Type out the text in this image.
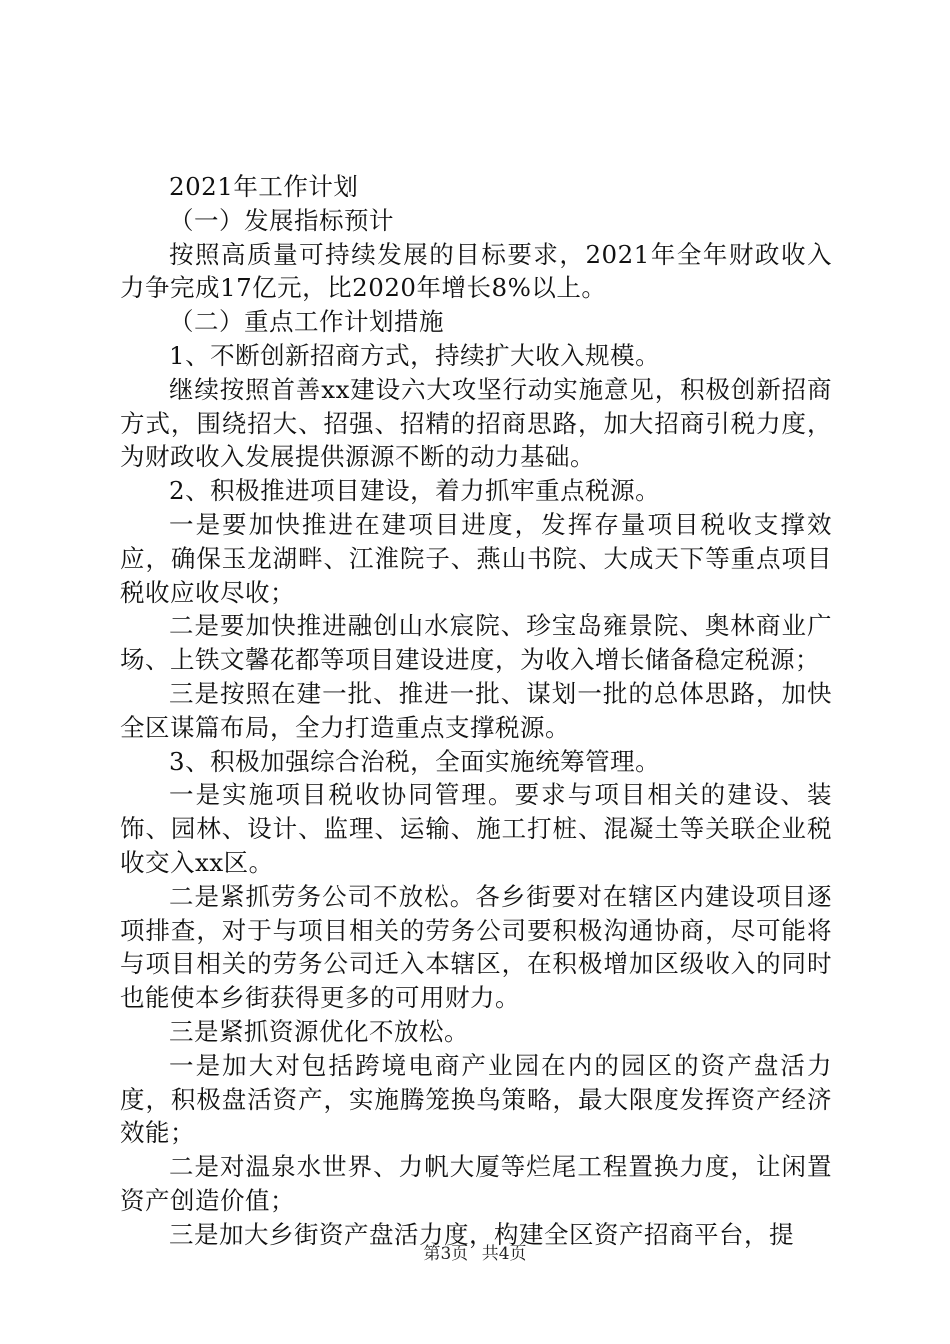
2021年工作计划

（一）发展指标预计

按照高质量可持续发展的目标要求，2021年全年财政收入力争完成17亿元，比2020年增长8%以上。

（二）重点工作计划措施

1、不断创新招商方式，持续扩大收入规模。

继续按照首善xx建设六大攻坚行动实施意见，积极创新招商方式，围绕招大、招强、招精的招商思路，加大招商引税力度，为财政收入发展提供源源不断的动力基础。

2、积极推进项目建设，着力抓牢重点税源。

一是要加快推进在建项目进度，发挥存量项目税收支撑效应，确保玉龙湖畔、江淮院子、燕山书院、大成天下等重点项目税收应收尽收；

二是要加快推进融创山水宸院、珍宝岛雍景院、奥林商业广场、上铁文馨花都等项目建设进度，为收入增长储备稳定税源；

三是按照在建一批、推进一批、谋划一批的总体思路，加快全区谋篇布局，全力打造重点支撑税源。

3、积极加强综合治税，全面实施统筹管理。

一是实施项目税收协同管理。要求与项目相关的建设、装饰、园林、设计、监理、运输、施工打桩、混凝土等关联企业税收交入xx区。

二是紧抓劳务公司不放松。各乡街要对在辖区内建设项目逐项排查，对于与项目相关的劳务公司要积极沟通协商，尽可能将与项目相关的劳务公司迁入本辖区，在积极增加区级收入的同时也能使本乡街获得更多的可用财力。

三是紧抓资源优化不放松。

一是加大对包括跨境电商产业园在内的园区的资产盘活力度，积极盘活资产，实施腾笼换鸟策略，最大限度发挥资产经济效能；

二是对温泉水世界、力帆大厦等烂尾工程置换力度，让闲置资产创造价值；

三是加大乡街资产盘活力度，构建全区资产招商平台，提

第3页 共4页
